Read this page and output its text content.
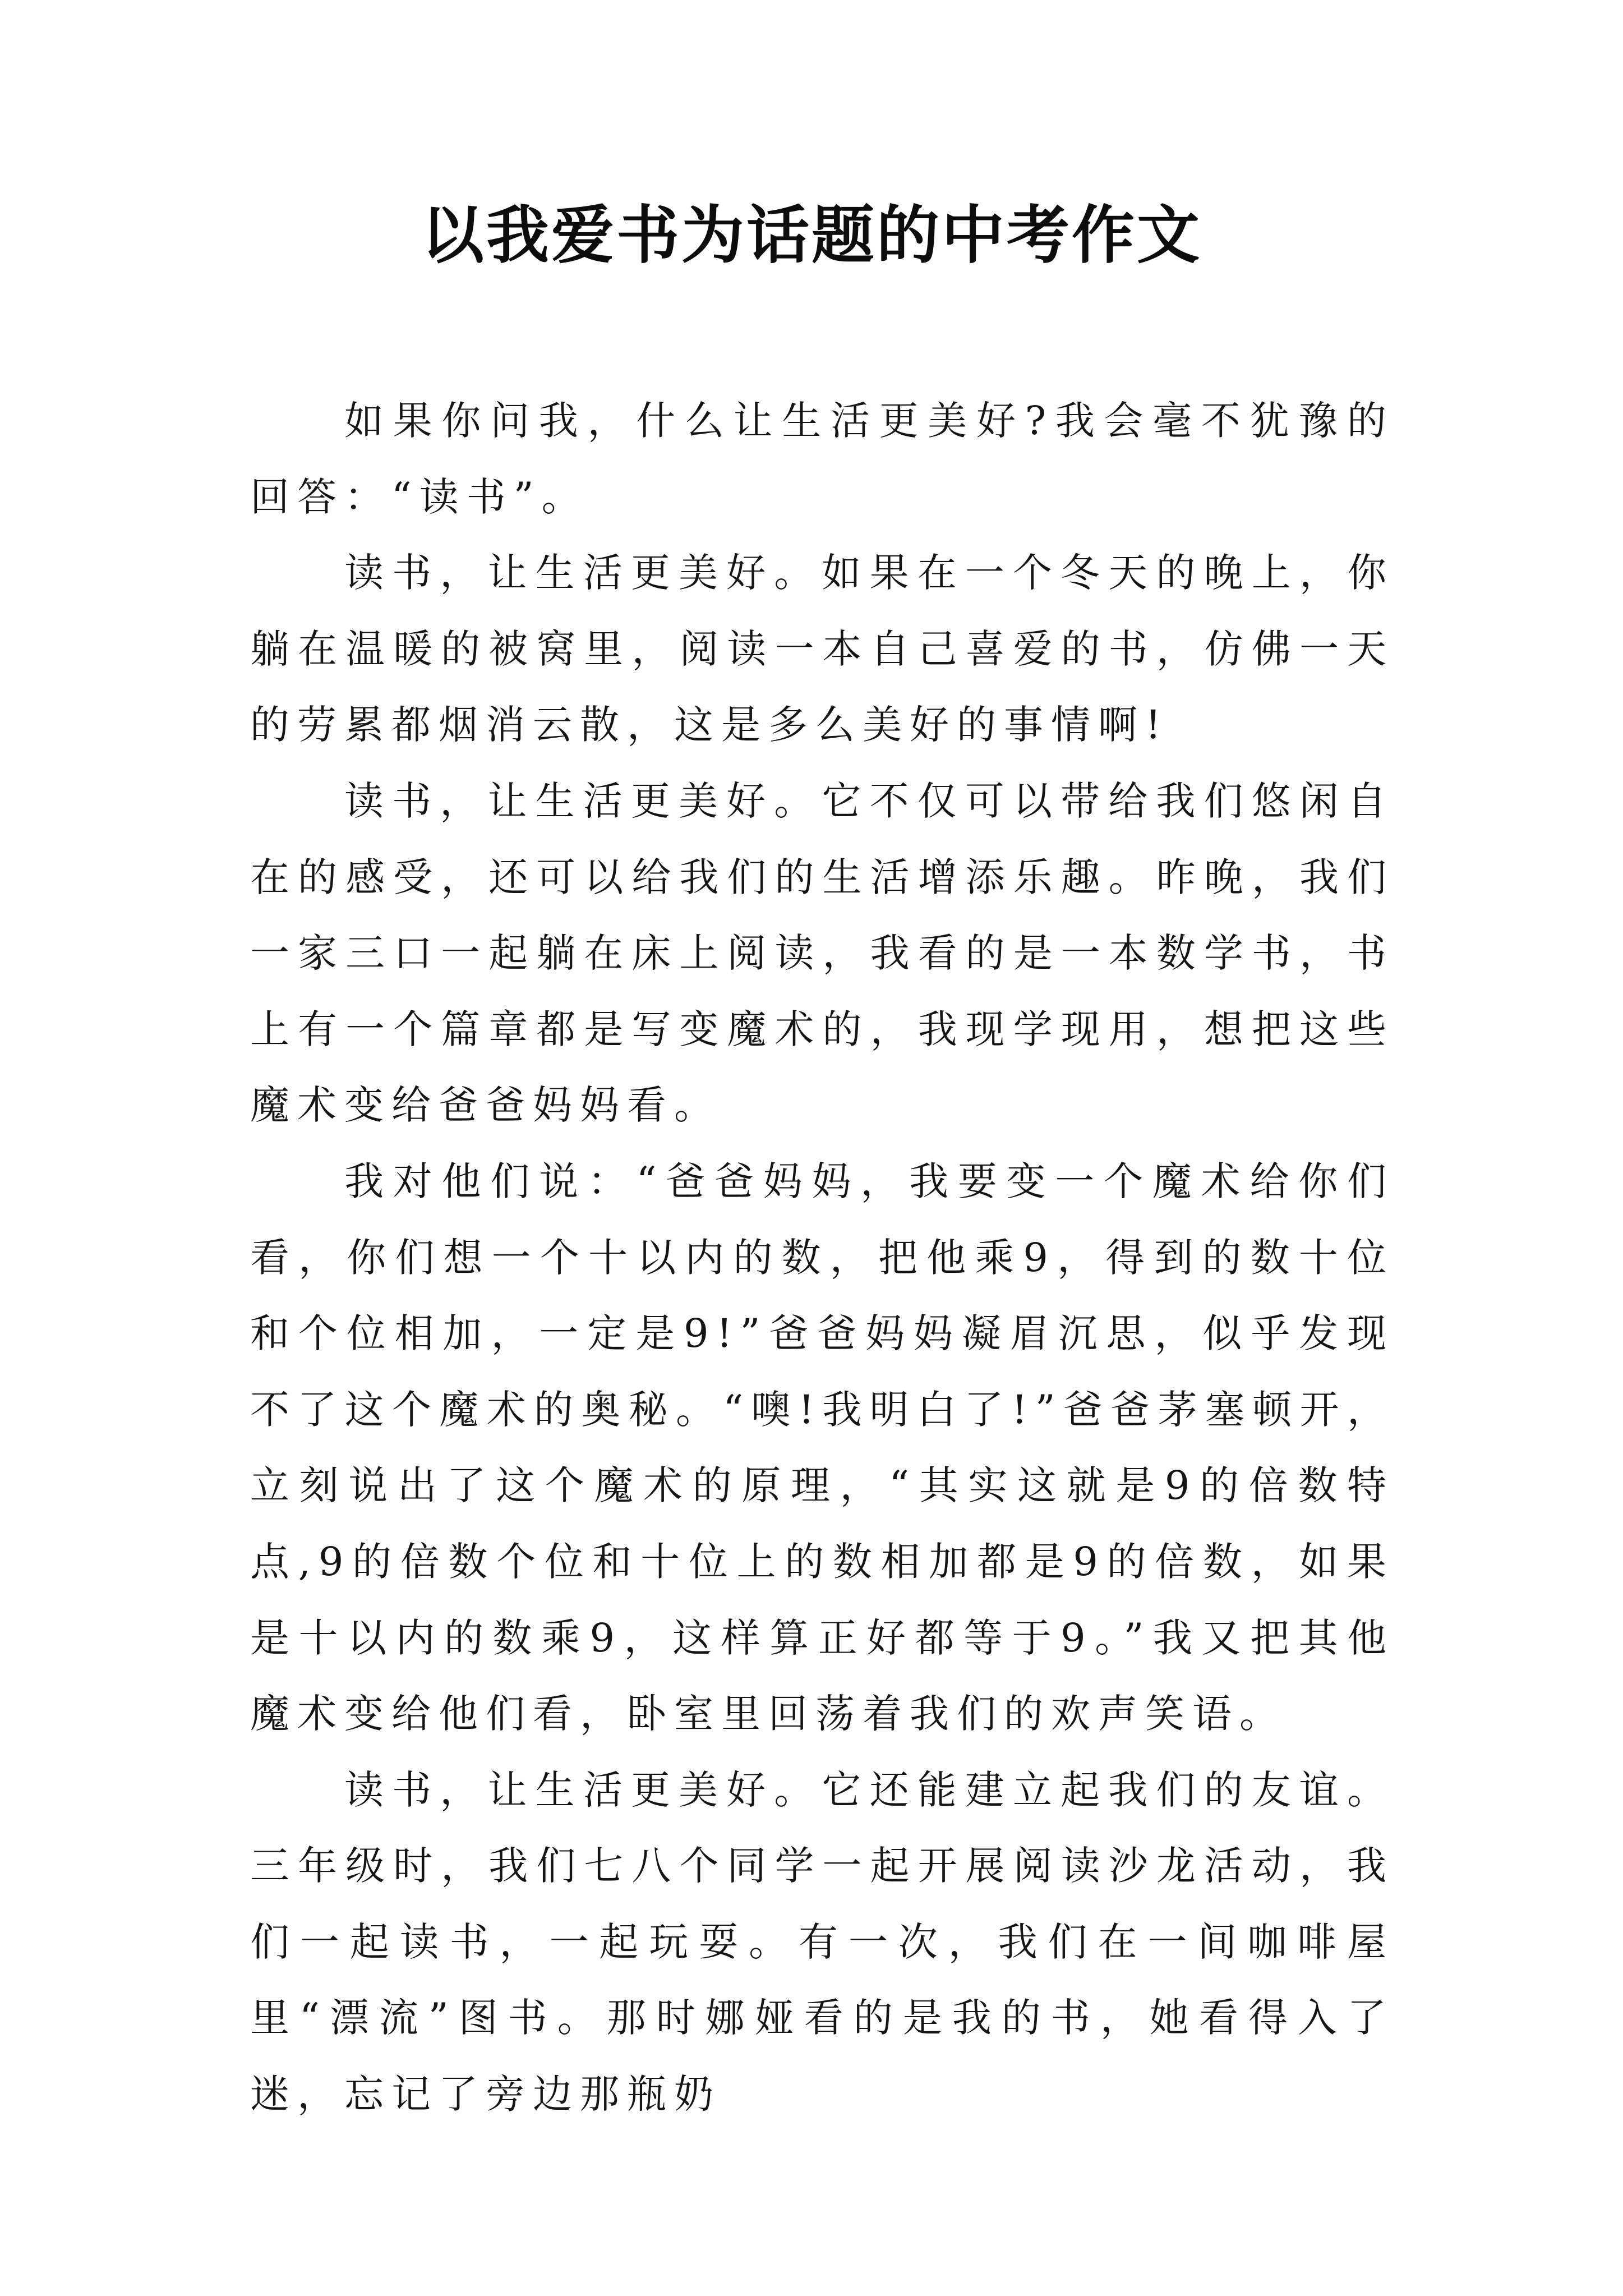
以我爱书为话题的中考作文

如果你问我，什么让生活更美好?我会毫不犹豫的回答：“读书”。

读书，让生活更美好。如果在一个冬天的晚上，你躺在温暖的被窝里，阅读一本自己喜爱的书，仿佛一天的劳累都烟消云散，这是多么美好的事情啊!

读书，让生活更美好。它不仅可以带给我们悠闲自在的感受，还可以给我们的生活增添乐趣。昨晚，我们一家三口一起躺在床上阅读，我看的是一本数学书，书上有一个篇章都是写变魔术的，我现学现用，想把这些魔术变给爸爸妈妈看。

我对他们说：“爸爸妈妈，我要变一个魔术给你们看，你们想一个十以内的数，把他乘9，得到的数十位和个位相加，一定是9!”爸爸妈妈凝眉沉思，似乎发现不了这个魔术的奥秘。“噢!我明白了!”爸爸茅塞顿开，立刻说出了这个魔术的原理，“其实这就是9的倍数特点,9的倍数个位和十位上的数相加都是9的倍数，如果是十以内的数乘9，这样算正好都等于9。”我又把其他魔术变给他们看，卧室里回荡着我们的欢声笑语。

读书，让生活更美好。它还能建立起我们的友谊。三年级时，我们七八个同学一起开展阅读沙龙活动，我们一起读书，一起玩耍。有一次，我们在一间咖啡屋里“漂流”图书。那时娜娅看的是我的书，她看得入了迷，忘记了旁边那瓶奶
